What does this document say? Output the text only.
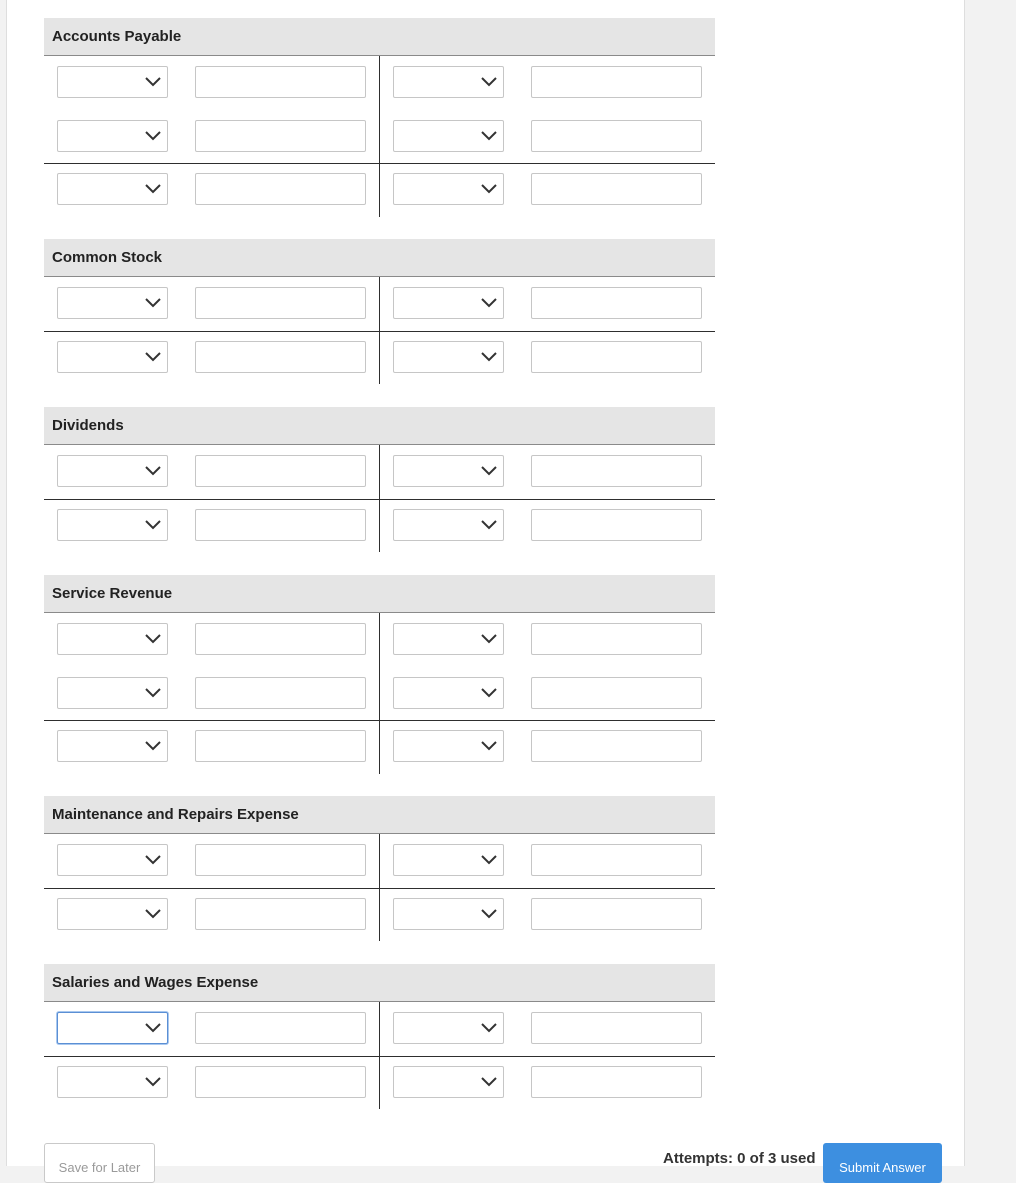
Accounts Payable
Common Stock
Dividends
Service Revenue
Maintenance and Repairs Expense
Salaries and Wages Expense
Save for Later
Attempts: 0 of 3 used
Submit Answer
